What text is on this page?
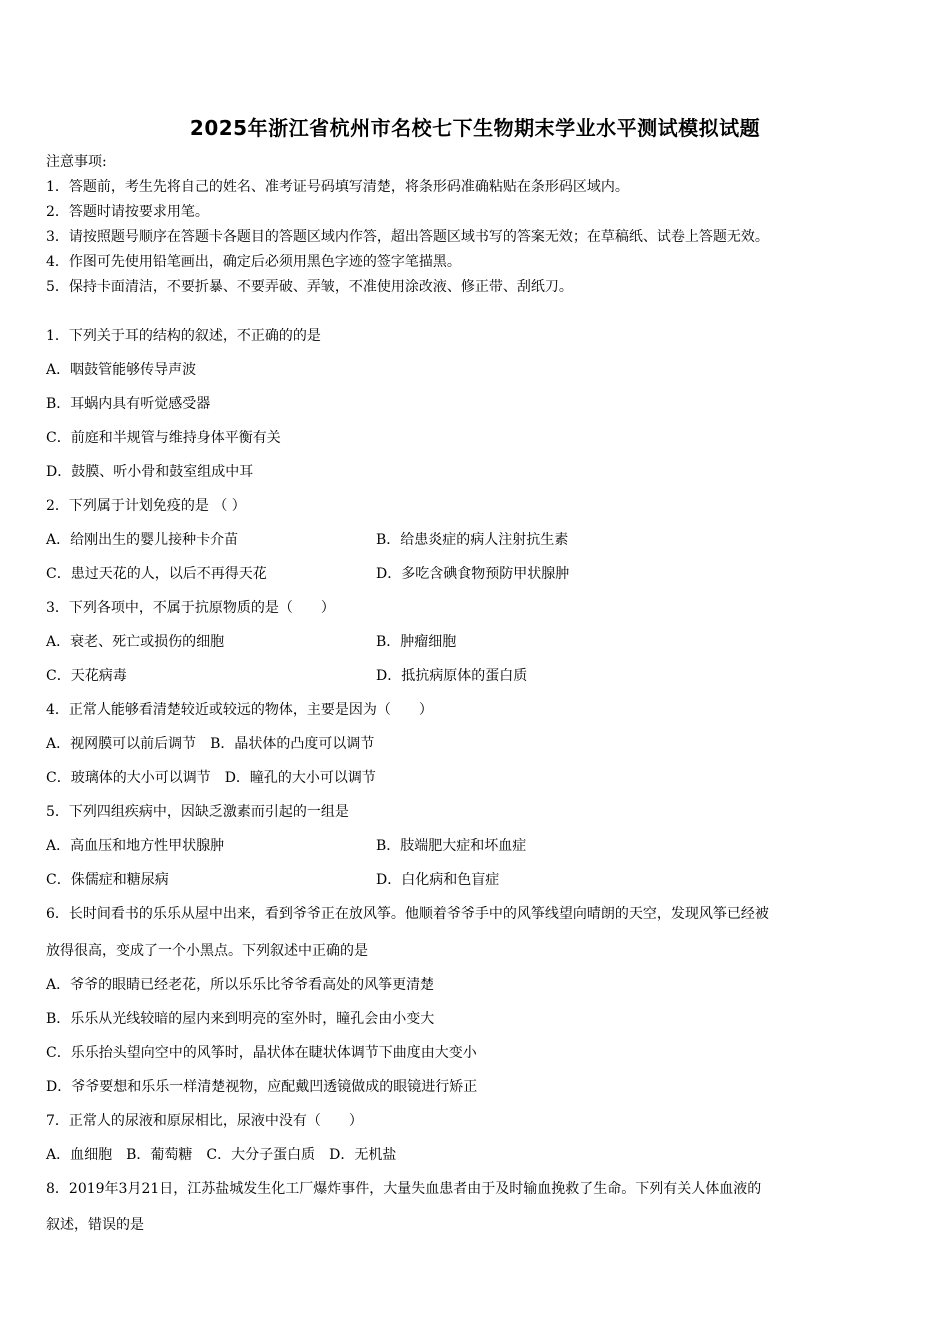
2025年浙江省杭州市名校七下生物期末学业水平测试模拟试题
注意事项:
1．答题前，考生先将自己的姓名、准考证号码填写清楚，将条形码准确粘贴在条形码区域内。
2．答题时请按要求用笔。
3．请按照题号顺序在答题卡各题目的答题区域内作答，超出答题区域书写的答案无效；在草稿纸、试卷上答题无效。
4．作图可先使用铅笔画出，确定后必须用黑色字迹的签字笔描黑。
5．保持卡面清洁，不要折暴、不要弄破、弄皱，不准使用涂改液、修正带、刮纸刀。
1．下列关于耳的结构的叙述，不正确的的是
A．咽鼓管能够传导声波
B．耳蜗内具有听觉感受器
C．前庭和半规管与维持身体平衡有关
D．鼓膜、听小骨和鼓室组成中耳
2．下列属于计划免疫的是 （ ）
A．给刚出生的婴儿接种卡介苗	B．给患炎症的病人注射抗生素
C．患过天花的人，以后不再得天花	D．多吃含碘食物预防甲状腺肿
3．下列各项中，不属于抗原物质的是（　　）
A．衰老、死亡或损伤的细胞	B．肿瘤细胞
C．天花病毒	D．抵抗病原体的蛋白质
4．正常人能够看清楚较近或较远的物体，主要是因为（　　）
A．视网膜可以前后调节　B．晶状体的凸度可以调节
C．玻璃体的大小可以调节　D．瞳孔的大小可以调节
5．下列四组疾病中，因缺乏激素而引起的一组是
A．高血压和地方性甲状腺肿	B．肢端肥大症和坏血症
C．侏儒症和糖尿病	D．白化病和色盲症
6．长时间看书的乐乐从屋中出来，看到爷爷正在放风筝。他顺着爷爷手中的风筝线望向晴朗的天空，发现风筝已经被
放得很高，变成了一个小黑点。下列叙述中正确的是
A．爷爷的眼睛已经老花，所以乐乐比爷爷看高处的风筝更清楚
B．乐乐从光线较暗的屋内来到明亮的室外时，瞳孔会由小变大
C．乐乐抬头望向空中的风筝时，晶状体在睫状体调节下曲度由大变小
D．爷爷要想和乐乐一样清楚视物，应配戴凹透镜做成的眼镜进行矫正
7．正常人的尿液和原尿相比，尿液中没有（　　）
A．血细胞　B．葡萄糖　C．大分子蛋白质　D．无机盐
8．2019年3月21日，江苏盐城发生化工厂爆炸事件，大量失血患者由于及时输血挽救了生命。下列有关人体血液的
叙述，错误的是
